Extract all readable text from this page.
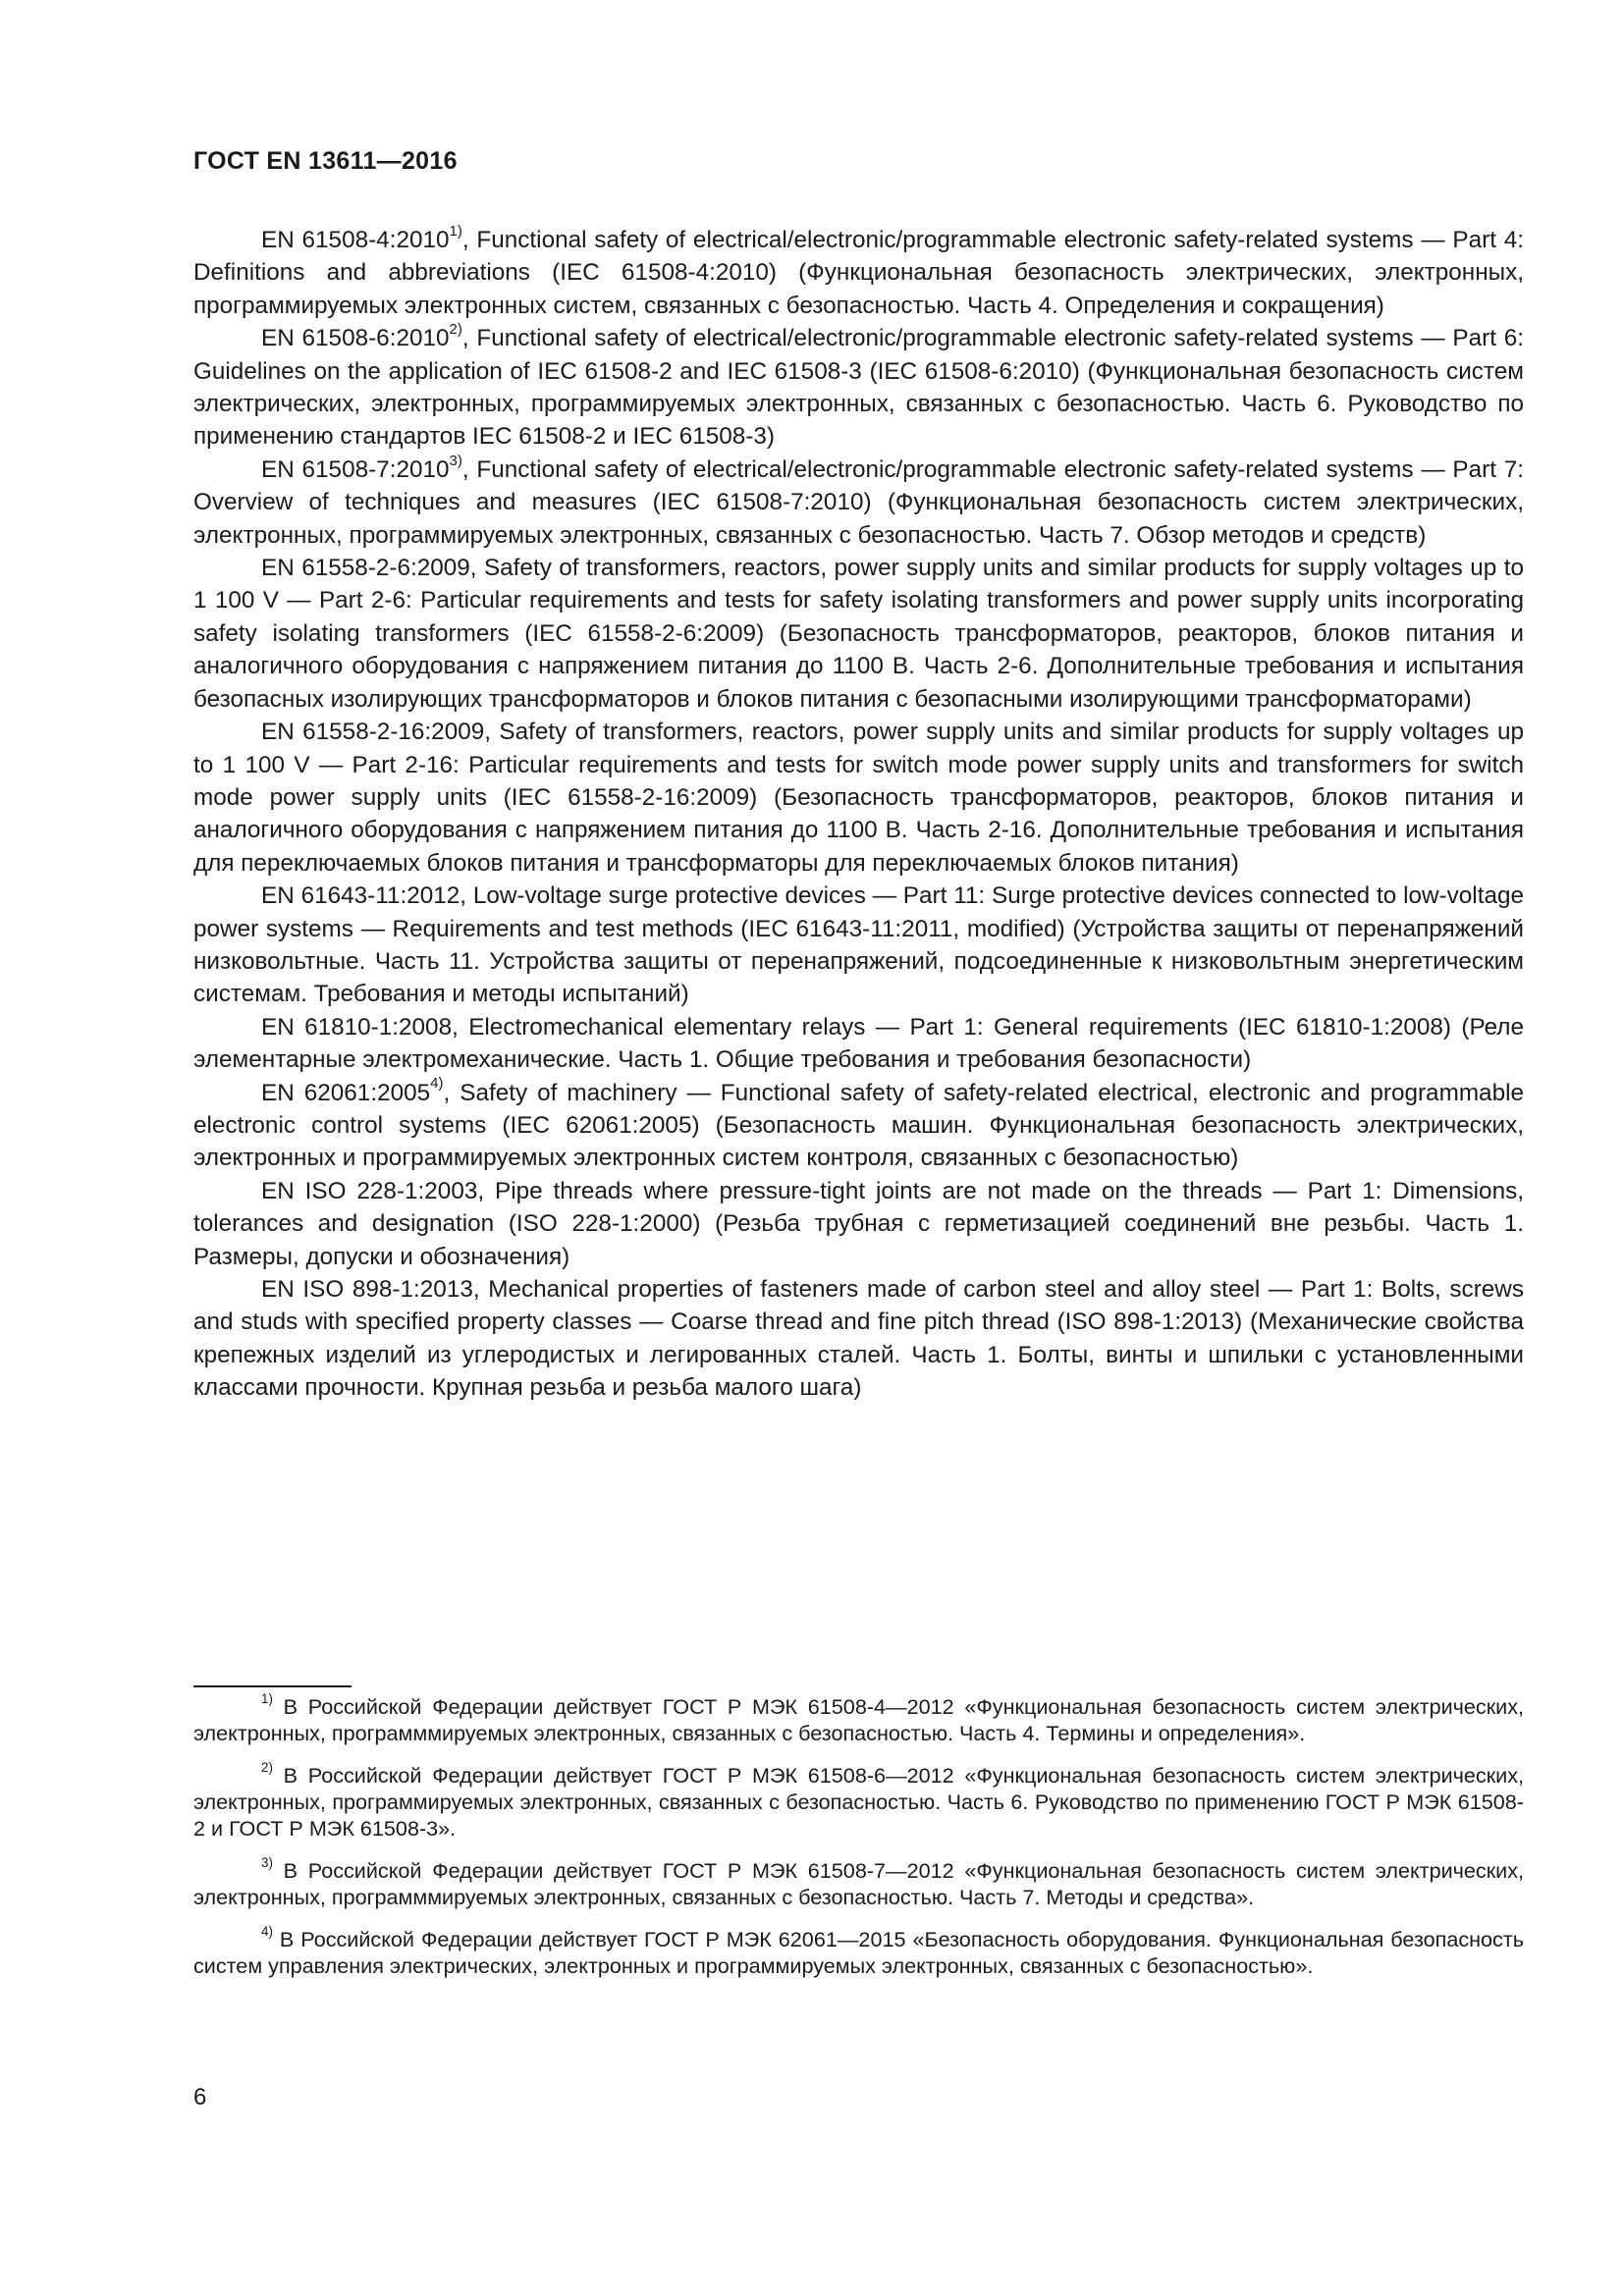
ГОСТ EN 13611—2016

EN 61508-4:2010$^{1)}$, Functional safety of electrical/electronic/programmable electronic safety-related systems — Part 4: Definitions and abbreviations (IEC 61508-4:2010) (Функциональная безопасность электрических, электронных, программируемых электронных систем, связанных с безопасностью. Часть 4. Определения и сокращения)

EN 61508-6:2010$^{2)}$, Functional safety of electrical/electronic/programmable electronic safety-related systems — Part 6: Guidelines on the application of IEC 61508-2 and IEC 61508-3 (IEC 61508-6:2010) (Функциональная безопасность систем электрических, электронных, программируемых электронных, связанных с безопасностью. Часть 6. Руководство по применению стандартов IEC 61508-2 и IEC 61508-3)

EN 61508-7:2010$^{3)}$, Functional safety of electrical/electronic/programmable electronic safety-related systems — Part 7: Overview of techniques and measures (IEC 61508-7:2010) (Функциональная безопасность систем электрических, электронных, программируемых электронных, связанных с безопасностью. Часть 7. Обзор методов и средств)

EN 61558-2-6:2009, Safety of transformers, reactors, power supply units and similar products for supply voltages up to 1 100 V — Part 2-6: Particular requirements and tests for safety isolating transformers and power supply units incorporating safety isolating transformers (IEC 61558-2-6:2009) (Безопасность трансформаторов, реакторов, блоков питания и аналогичного оборудования с напряжением питания до 1100 В. Часть 2-6. Дополнительные требования и испытания безопасных изолирующих трансформаторов и блоков питания с безопасными изолирующими трансформаторами)

EN 61558-2-16:2009, Safety of transformers, reactors, power supply units and similar products for supply voltages up to 1 100 V — Part 2-16: Particular requirements and tests for switch mode power supply units and transformers for switch mode power supply units (IEC 61558-2-16:2009) (Безопасность трансформаторов, реакторов, блоков питания и аналогичного оборудования с напряжением питания до 1100 В. Часть 2-16. Дополнительные требования и испытания для переключаемых блоков питания и трансформаторы для переключаемых блоков питания)

EN 61643-11:2012, Low-voltage surge protective devices — Part 11: Surge protective devices connected to low-voltage power systems — Requirements and test methods (IEC 61643-11:2011, modified) (Устройства защиты от перенапряжений низковольтные. Часть 11. Устройства защиты от перенапряжений, подсоединенные к низковольтным энергетическим системам. Требования и методы испытаний)

EN 61810-1:2008, Electromechanical elementary relays — Part 1: General requirements (IEC 61810-1:2008) (Реле элементарные электромеханические. Часть 1. Общие требования и требования безопасности)

EN 62061:2005$^{4)}$, Safety of machinery — Functional safety of safety-related electrical, electronic and programmable electronic control systems (IEC 62061:2005) (Безопасность машин. Функциональная безопасность электрических, электронных и программируемых электронных систем контроля, связанных с безопасностью)

EN ISO 228-1:2003, Pipe threads where pressure-tight joints are not made on the threads — Part 1: Dimensions, tolerances and designation (ISO 228-1:2000) (Резьба трубная с герметизацией соединений вне резьбы. Часть 1. Размеры, допуски и обозначения)

EN ISO 898-1:2013, Mechanical properties of fasteners made of carbon steel and alloy steel — Part 1: Bolts, screws and studs with specified property classes — Coarse thread and fine pitch thread (ISO 898-1:2013) (Механические свойства крепежных изделий из углеродистых и легированных сталей. Часть 1. Болты, винты и шпильки с установленными классами прочности. Крупная резьба и резьба малого шага)

$^{1)}$ В Российской Федерации действует ГОСТ Р МЭК 61508-4—2012 «Функциональная безопасность систем электрических, электронных, программмируемых электронных, связанных с безопасностью. Часть 4. Термины и определения».

$^{2)}$ В Российской Федерации действует ГОСТ Р МЭК 61508-6—2012 «Функциональная безопасность систем электрических, электронных, программируемых электронных, связанных с безопасностью. Часть 6. Руководство по применению ГОСТ Р МЭК 61508-2 и ГОСТ Р МЭК 61508-3».

$^{3)}$ В Российской Федерации действует ГОСТ Р МЭК 61508-7—2012 «Функциональная безопасность систем электрических, электронных, программмируемых электронных, связанных с безопасностью. Часть 7. Методы и средства».

$^{4)}$ В Российской Федерации действует ГОСТ Р МЭК 62061—2015 «Безопасность оборудования. Функциональная безопасность систем управления электрических, электронных и программируемых электронных, связанных с безопасностью».

6
